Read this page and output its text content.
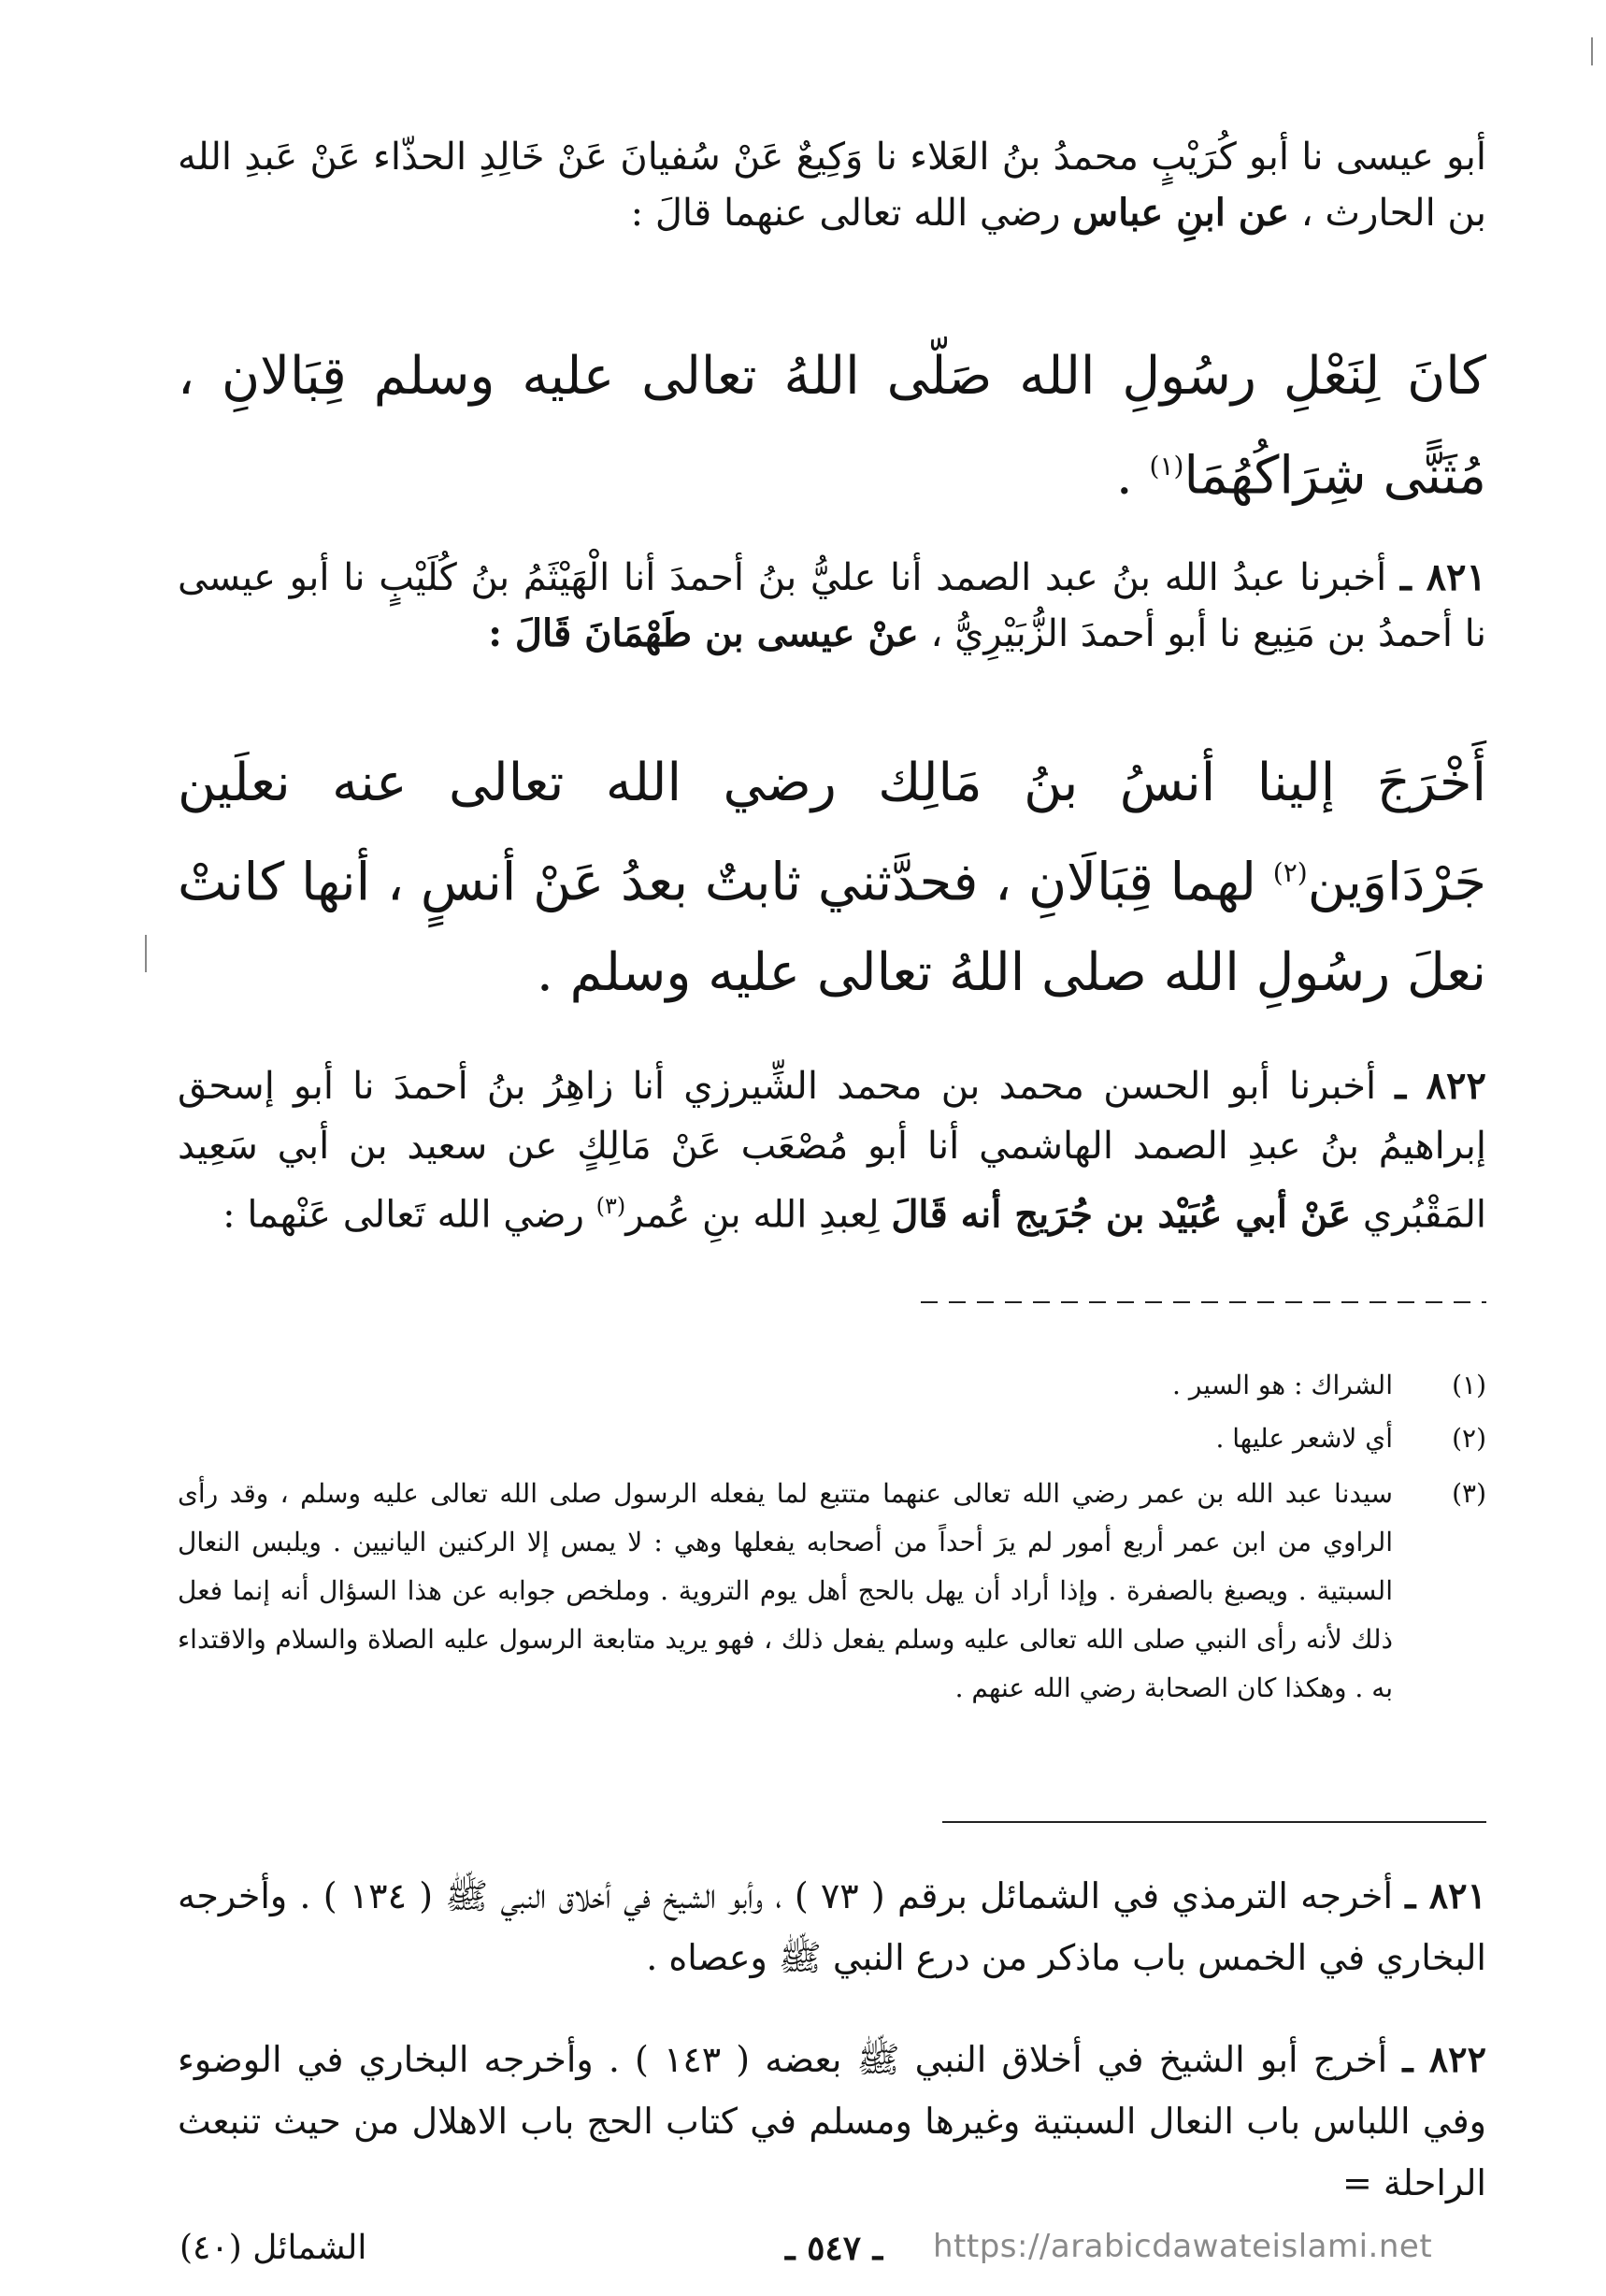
أبو عيسى نا أبو كُرَيْبٍ محمدُ بنُ العَلاء نا وَكِيعٌ عَنْ سُفيانَ عَنْ خَالِدِ الحذّاء عَنْ عَبدِ الله بن الحارث ، عن ابنِ عباس رضي الله تعالى عنهما قالَ :
كانَ لِنَعْلِ رسُولِ الله صَلّى اللهُ تعالى عليه وسلم قِبَالانِ ، مُثَنًّى شِرَاكُهُمَا$^{(١)}$ .
٨٢١ ـ أخبرنا عبدُ الله بنُ عبد الصمد أنا عليُّ بنُ أحمدَ أنا الْهَيْثَمُ بنُ كُلَيْبٍ نا أبو عيسى نا أحمدُ بن مَنِيع نا أبو أحمدَ الزُّبَيْرِيُّ ، عنْ عيسى بن طَهْمَانَ قَالَ :
أَخْرَجَ إلينا أنسُ بنُ مَالِك رضي الله تعالى عنه نعلَين جَرْدَاوَين$^{(٢)}$ لهما قِبَالَانِ ، فحدَّثني ثابتٌ بعدُ عَنْ أنسٍ ، أنها كانتْ نعلَ رسُولِ الله صلى اللهُ تعالى عليه وسلم .
٨٢٢ ـ أخبرنا أبو الحسن محمد بن محمد الشِّيرزي أنا زاهِرُ بنُ أحمدَ نا أبو إسحق إبراهيمُ بنُ عبدِ الصمد الهاشمي أنا أبو مُصْعَب عَنْ مَالِكٍ عن سعيد بن أبي سَعِيد المَقْبُري عَنْ أبي عُبَيْد بن جُرَيج أنه قَالَ لِعبدِ الله بنِ عُمر$^{(٣)}$ رضي الله تَعالى عَنْهما :
(١)
الشراك : هو السير .
(٢)
أي لاشعر عليها .
(٣)
سيدنا عبد الله بن عمر رضي الله تعالى عنهما متتبع لما يفعله الرسول صلى الله تعالى عليه وسلم ، وقد رأى الراوي من ابن عمر أربع أمور لم يرَ أحداً من أصحابه يفعلها وهي : لا يمس إلا الركنين اليانيين . ويلبس النعال السبتية . ويصبغ بالصفرة . وإذا أراد أن يهل بالحج أهل يوم التروية . وملخص جوابه عن هذا السؤال أنه إنما فعل ذلك لأنه رأى النبي صلى الله تعالى عليه وسلم يفعل ذلك ، فهو يريد متابعة الرسول عليه الصلاة والسلام والاقتداء به . وهكذا كان الصحابة رضي الله عنهم .
٨٢١ ـ أخرجه الترمذي في الشمائل برقم ( ٧٣ ) ، وأبو الشيخ في أخلاق النبي ﷺ ( ١٣٤ ) . وأخرجه البخاري في الخمس باب ماذكر من درع النبي ﷺ وعصاه .
٨٢٢ ـ أخرج أبو الشيخ في أخلاق النبي ﷺ بعضه ( ١٤٣ ) . وأخرجه البخاري في الوضوء وفي اللباس باب النعال السبتية وغيرها ومسلم في كتاب الحج باب الاهلال من حيث تنبعث الراحلة =
الشمائل (٤٠)	ـ ٥٤٧ ـ https://arabicdawateislami.net
